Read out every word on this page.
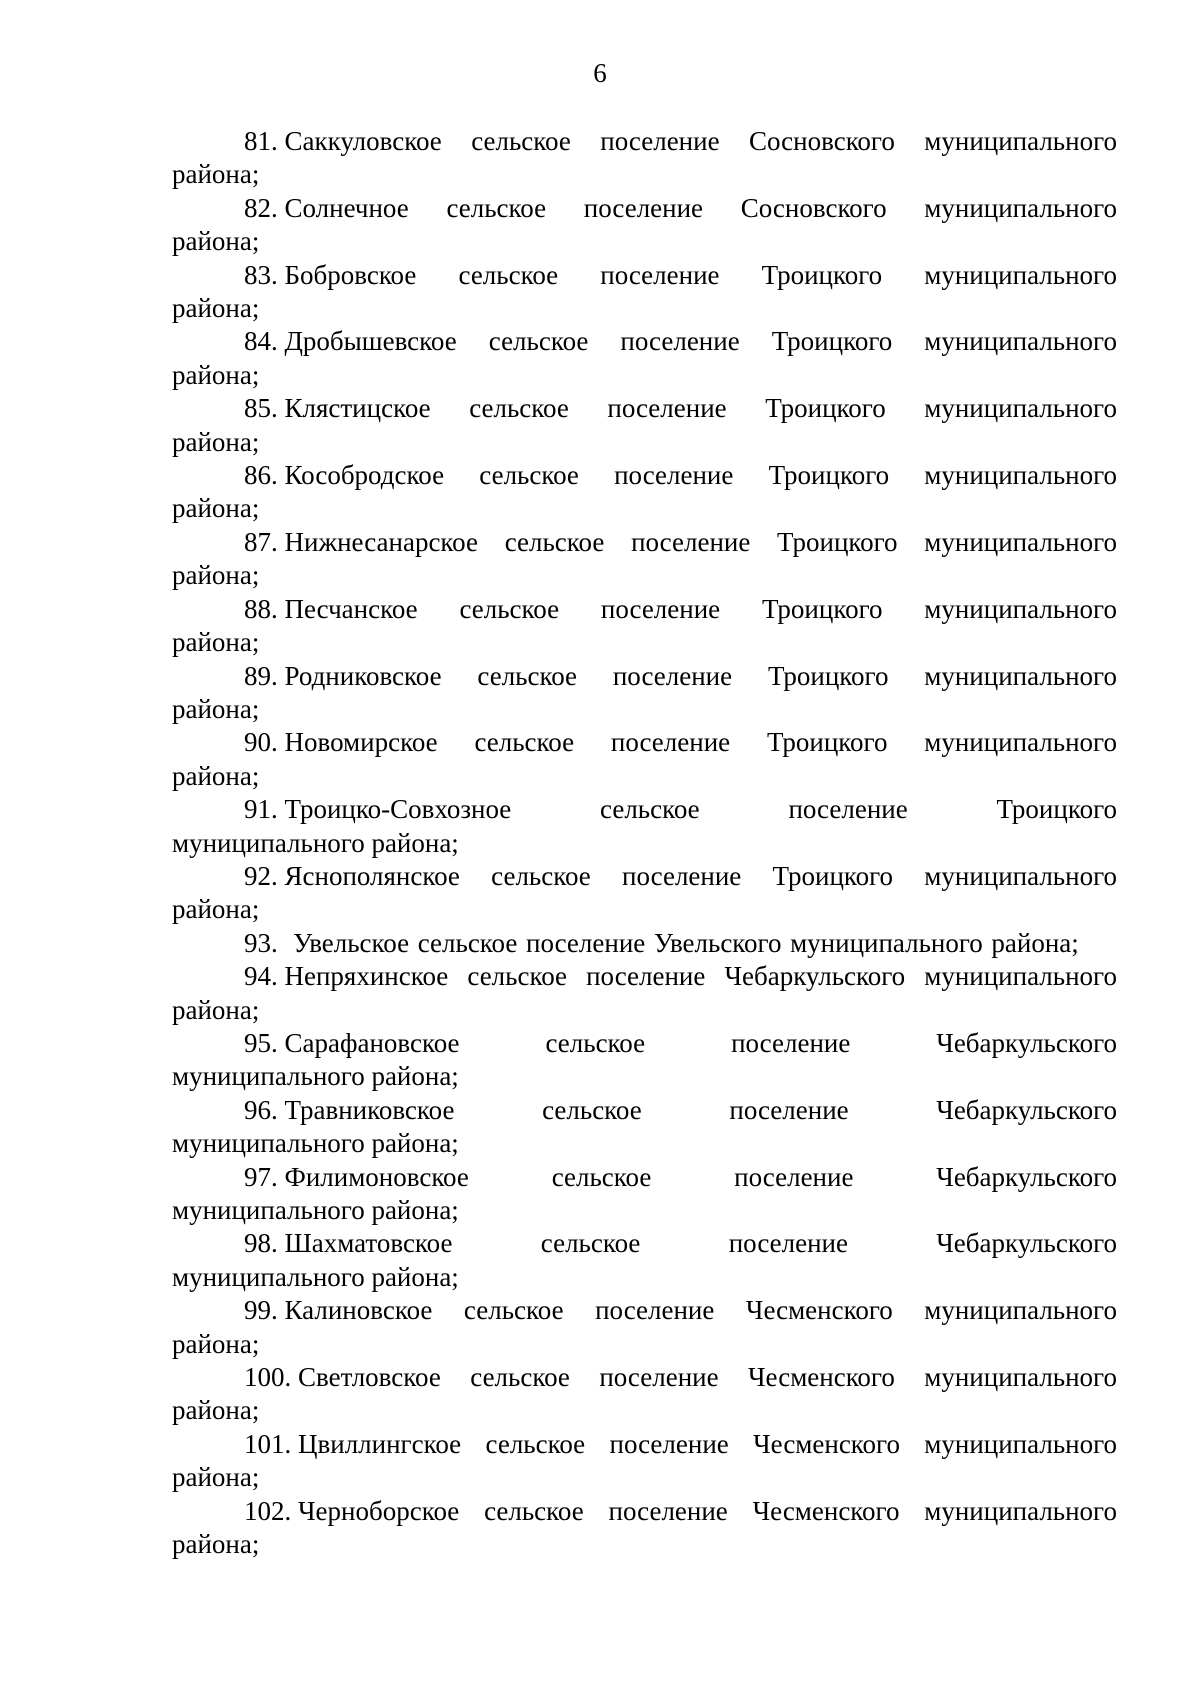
6
81. Саккуловское сельское поселение Сосновского муниципального
района;
82. Солнечное сельское поселение Сосновского муниципального
района;
83. Бобровское сельское поселение Троицкого муниципального
района;
84. Дробышевское сельское поселение Троицкого муниципального
района;
85. Клястицское сельское поселение Троицкого муниципального
района;
86. Кособродское сельское поселение Троицкого муниципального
района;
87. Нижнесанарское сельское поселение Троицкого муниципального
района;
88. Песчанское сельское поселение Троицкого муниципального
района;
89. Родниковское сельское поселение Троицкого муниципального
района;
90. Новомирское сельское поселение Троицкого муниципального
района;
91. Троицко-Совхозное	сельское	поселение	Троицкого
муниципального района;
92. Яснополянское сельское поселение Троицкого муниципального
района;
93. Увельское сельское поселение Увельского муниципального района;
94. Непряхинское сельское поселение Чебаркульского муниципального
района;
95. Сарафановское	сельское	поселение	Чебаркульского
муниципального района;
96. Травниковское	сельское	поселение	Чебаркульского
муниципального района;
97. Филимоновское	сельское	поселение	Чебаркульского
муниципального района;
98. Шахматовское	сельское	поселение	Чебаркульского
муниципального района;
99. Калиновское сельское поселение Чесменского муниципального
района;
100. Светловское сельское поселение Чесменского муниципального
района;
101. Цвиллингское сельское поселение Чесменского муниципального
района;
102. Черноборское сельское поселение Чесменского муниципального
района;
